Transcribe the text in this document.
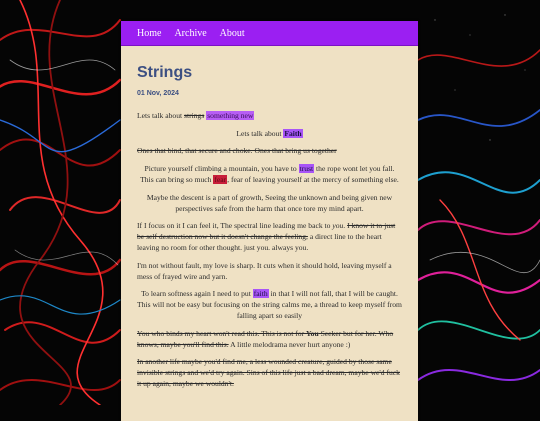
Home Archive About
Strings
01 Nov, 2024

Lets talk about strings something new

Lets talk about Faith

Ones that bind, that secure and choke. Ones that bring us together

Picture yourself climbing a mountain, you have to trust the rope wont let you fall. This can bring so much fear, fear of leaving yourself at the mercy of something else.

Maybe the descent is a part of growth, Seeing the unknown and being given new perspectives safe from the harm that once tore my mind apart.

If I focus on it I can feel it, The spectral line leading me back to you. I know it to just be self destruction now but it doesn't change the feeling, a direct line to the heart leaving no room for other thought. just you. always you.

I'm not without fault, my love is sharp. It cuts when it should hold, leaving myself a mess of frayed wire and yarn.

To learn softness again I need to put faith in that I will not fall, that I will be caught. This will not be easy but focusing on the string calms me, a thread to keep myself from falling apart so easily

You who binds my heart won't read this. This is not for You Seeker but for her. Who knows, maybe you'll find this. A little melodrama never hurt anyone :)

In another life maybe you'd find me, a less wounded creature, guided by those same invisible strings and we'd try again. Sins of this life just a bad dream, maybe we'd fuck it up again, maybe we wouldn't.
